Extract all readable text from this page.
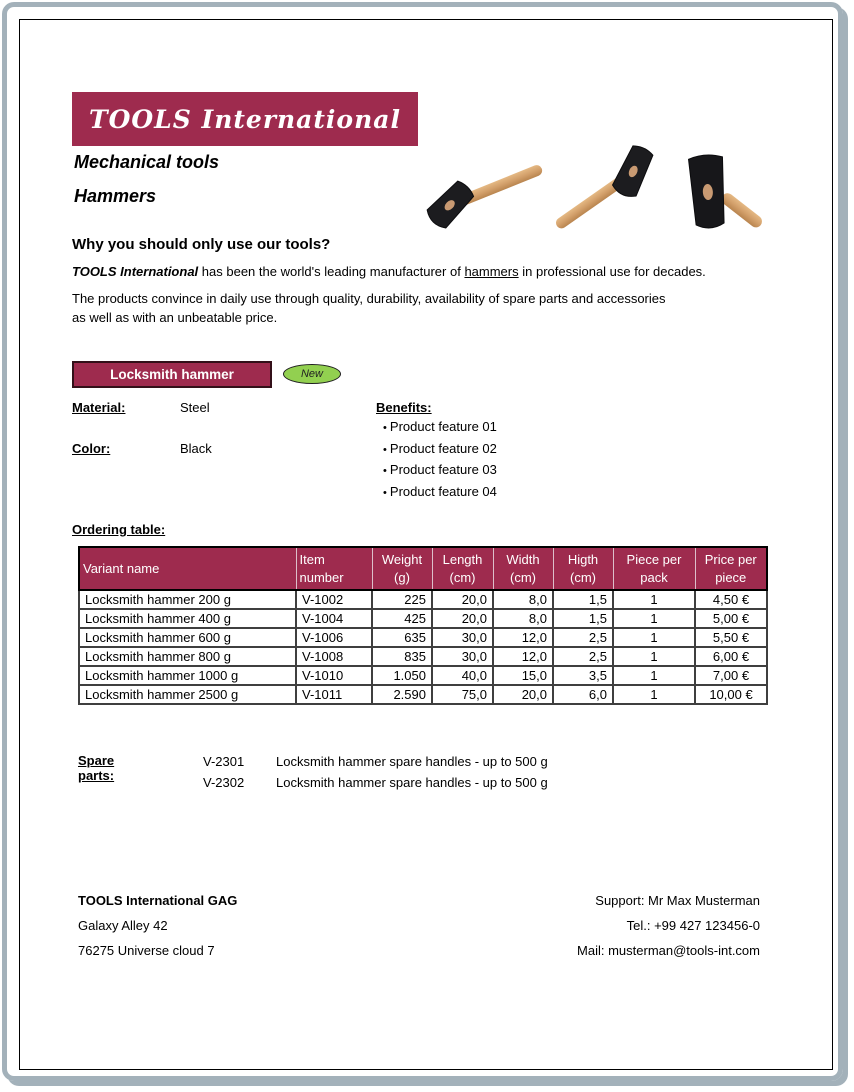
TOOLS International
Mechanical tools
Hammers
Why you should only use our tools?
TOOLS International has been the world's leading manufacturer of hammers in professional use for decades.
The products convince in daily use through quality, durability, availability of spare parts and accessories as well as with an unbeatable price.
Locksmith hammer	New
Material:	Steel
Color:	Black
Benefits:
• Product feature 01
• Product feature 02
• Product feature 03
• Product feature 04
Ordering table:
Variant name	Item number	Weight (g)	Length (cm)	Width (cm)	Higth (cm)	Piece per pack	Price per piece
Locksmith hammer 200 g	V-1002	225	20,0	8,0	1,5	1	4,50 €
Locksmith hammer 400 g	V-1004	425	20,0	8,0	1,5	1	5,00 €
Locksmith hammer 600 g	V-1006	635	30,0	12,0	2,5	1	5,50 €
Locksmith hammer 800 g	V-1008	835	30,0	12,0	2,5	1	6,00 €
Locksmith hammer 1000 g	V-1010	1.050	40,0	15,0	3,5	1	7,00 €
Locksmith hammer 2500 g	V-1011	2.590	75,0	20,0	6,0	1	10,00 €
Spare parts:
V-2301 Locksmith hammer spare handles - up to 500 g
V-2302 Locksmith hammer spare handles - up to 500 g
TOOLS International GAG
Galaxy Alley 42
76275 Universe cloud 7
Support: Mr Max Musterman
Tel.: +99 427 123456-0
Mail: musterman@tools-int.com
